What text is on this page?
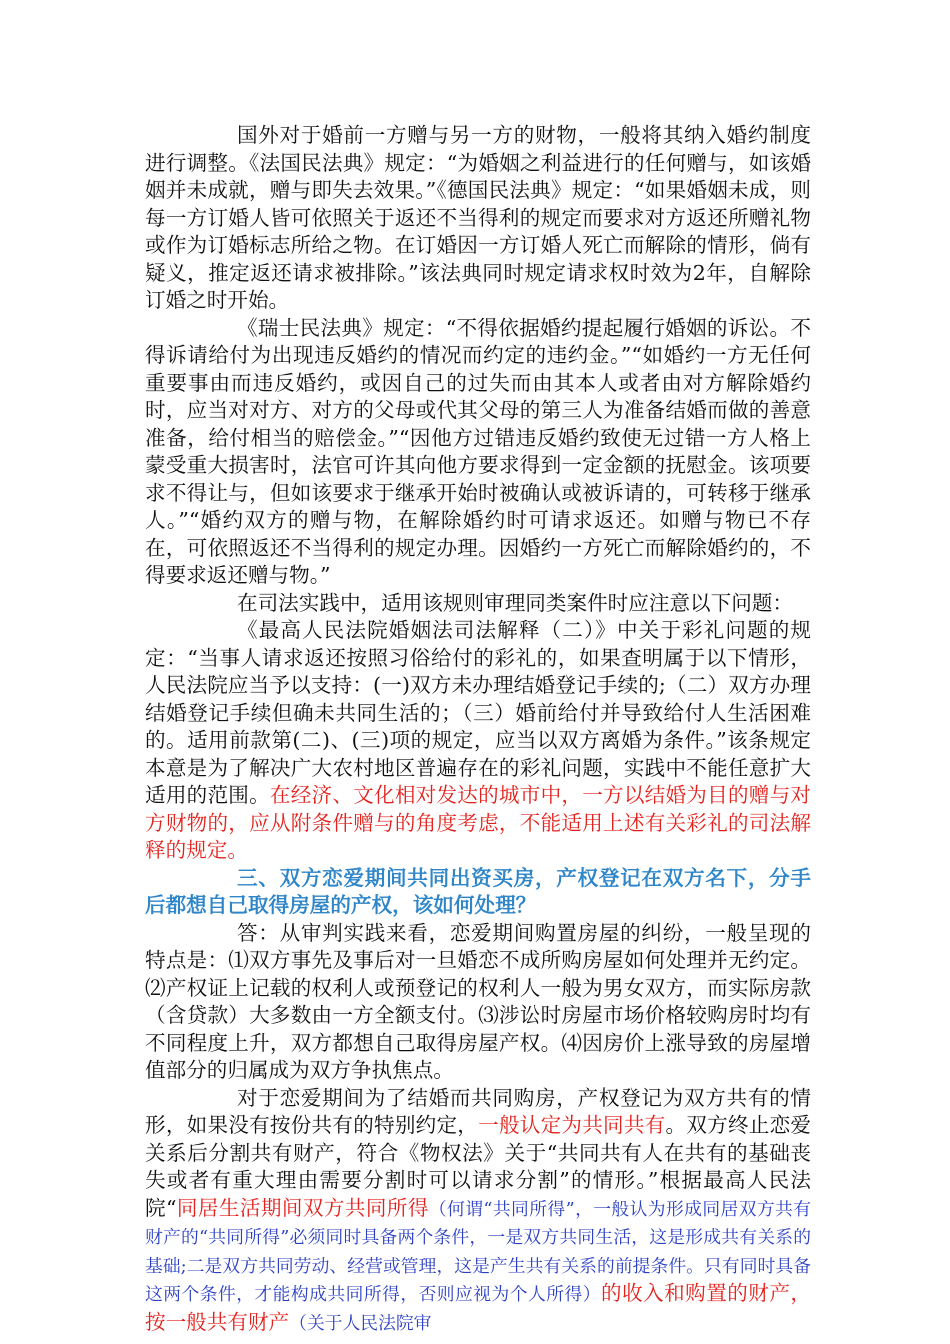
国外对于婚前一方赠与另一方的财物，一般将其纳入婚约制度进行调整。《法国民法典》规定：“为婚姻之利益进行的任何赠与，如该婚姻并未成就，赠与即失去效果。”《德国民法典》规定：“如果婚姻未成，则每一方订婚人皆可依照关于返还不当得利的规定而要求对方返还所赠礼物或作为订婚标志所给之物。在订婚因一方订婚人死亡而解除的情形，倘有疑义，推定返还请求被排除。”该法典同时规定请求权时效为2年，自解除订婚之时开始。

《瑞士民法典》规定：“不得依据婚约提起履行婚姻的诉讼。不得诉请给付为出现违反婚约的情况而约定的违约金。”“如婚约一方无任何重要事由而违反婚约，或因自己的过失而由其本人或者由对方解除婚约时，应当对对方、对方的父母或代其父母的第三人为准备结婚而做的善意准备，给付相当的赔偿金。”“因他方过错违反婚约致使无过错一方人格上蒙受重大损害时，法官可许其向他方要求得到一定金额的抚慰金。该项要求不得让与，但如该要求于继承开始时被确认或被诉请的，可转移于继承人。”“婚约双方的赠与物，在解除婚约时可请求返还。如赠与物已不存在，可依照返还不当得利的规定办理。因婚约一方死亡而解除婚约的，不得要求返还赠与物。”

在司法实践中，适用该规则审理同类案件时应注意以下问题：

《最高人民法院婚姻法司法解释（二）》中关于彩礼问题的规定：“当事人请求返还按照习俗给付的彩礼的，如果查明属于以下情形，人民法院应当予以支持：(一)双方未办理结婚登记手续的;（二）双方办理结婚登记手续但确未共同生活的；（三）婚前给付并导致给付人生活困难的。适用前款第(二)、(三)项的规定，应当以双方离婚为条件。”该条规定本意是为了解决广大农村地区普遍存在的彩礼问题，实践中不能任意扩大适用的范围。在经济、文化相对发达的城市中，一方以结婚为目的赠与对方财物的，应从附条件赠与的角度考虑，不能适用上述有关彩礼的司法解释的规定。

三、双方恋爱期间共同出资买房，产权登记在双方名下，分手后都想自己取得房屋的产权，该如何处理？

答：从审判实践来看，恋爱期间购置房屋的纠纷，一般呈现的特点是：⑴双方事先及事后对一旦婚恋不成所购房屋如何处理并无约定。⑵产权证上记载的权利人或预登记的权利人一般为男女双方，而实际房款（含贷款）大多数由一方全额支付。⑶涉讼时房屋市场价格较购房时均有不同程度上升，双方都想自己取得房屋产权。⑷因房价上涨导致的房屋增值部分的归属成为双方争执焦点。

对于恋爱期间为了结婚而共同购房，产权登记为双方共有的情形，如果没有按份共有的特别约定，一般认定为共同共有。双方终止恋爱关系后分割共有财产，符合《物权法》关于“共同共有人在共有的基础丧失或者有重大理由需要分割时可以请求分割”的情形。”根据最高人民法院“同居生活期间双方共同所得（何谓“共同所得”，一般认为形成同居双方共有财产的“共同所得”必须同时具备两个条件，一是双方共同生活，这是形成共有关系的基础;二是双方共同劳动、经营或管理，这是产生共有关系的前提条件。只有同时具备这两个条件，才能构成共同所得，否则应视为个人所得）的收入和购置的财产，按一般共有财产（关于人民法院审
